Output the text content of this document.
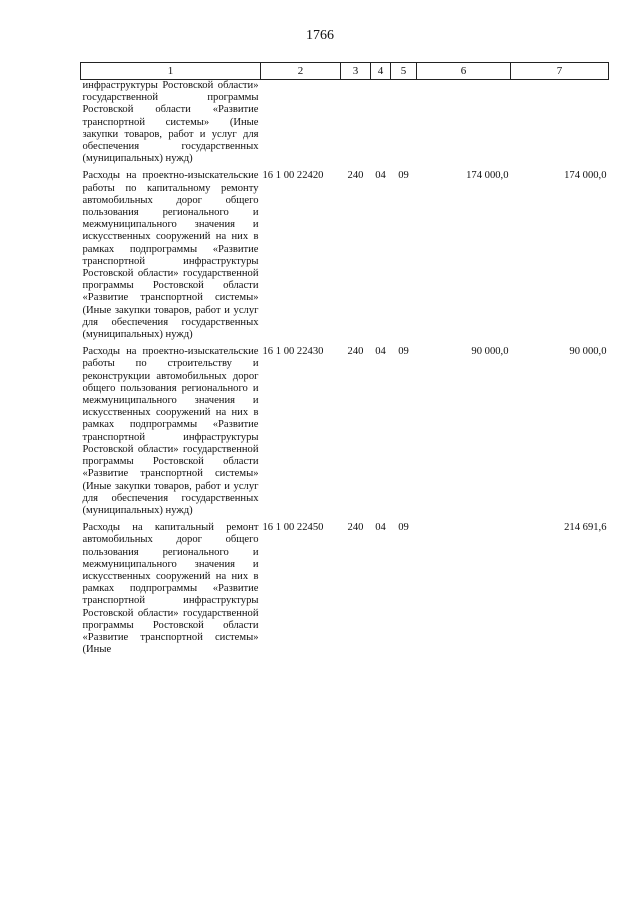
1766
1	2	3	4	5	6	7
инфраструктуры Ростовской области» государственной программы Ростовской области «Развитие транспортной системы» (Иные закупки товаров, работ и услуг для обеспечения государственных (муниципальных) нужд)						
Расходы на проектно-изыскательские работы по капитальному ремонту автомобильных дорог общего пользования регионального и межмуниципального значения и искусственных сооружений на них в рамках подпрограммы «Развитие транспортной инфраструктуры Ростовской области» государственной программы Ростовской области «Развитие транспортной системы» (Иные закупки товаров, работ и услуг для обеспечения государственных (муниципальных) нужд)	16 1 00 22420	240	04	09	174 000,0	174 000,0
Расходы на проектно-изыскательские работы по строительству и реконструкции автомобильных дорог общего пользования регионального и межмуниципального значения и искусственных сооружений на них в рамках подпрограммы «Развитие транспортной инфраструктуры Ростовской области» государственной программы Ростовской области «Развитие транспортной системы» (Иные закупки товаров, работ и услуг для обеспечения государственных (муниципальных) нужд)	16 1 00 22430	240	04	09	90 000,0	90 000,0
Расходы на капитальный ремонт автомобильных дорог общего пользования регионального и межмуниципального значения и искусственных сооружений на них в рамках подпрограммы «Развитие транспортной инфраструктуры Ростовской области» государственной программы Ростовской области «Развитие транспортной системы» (Иные	16 1 00 22450	240	04	09		214 691,6
